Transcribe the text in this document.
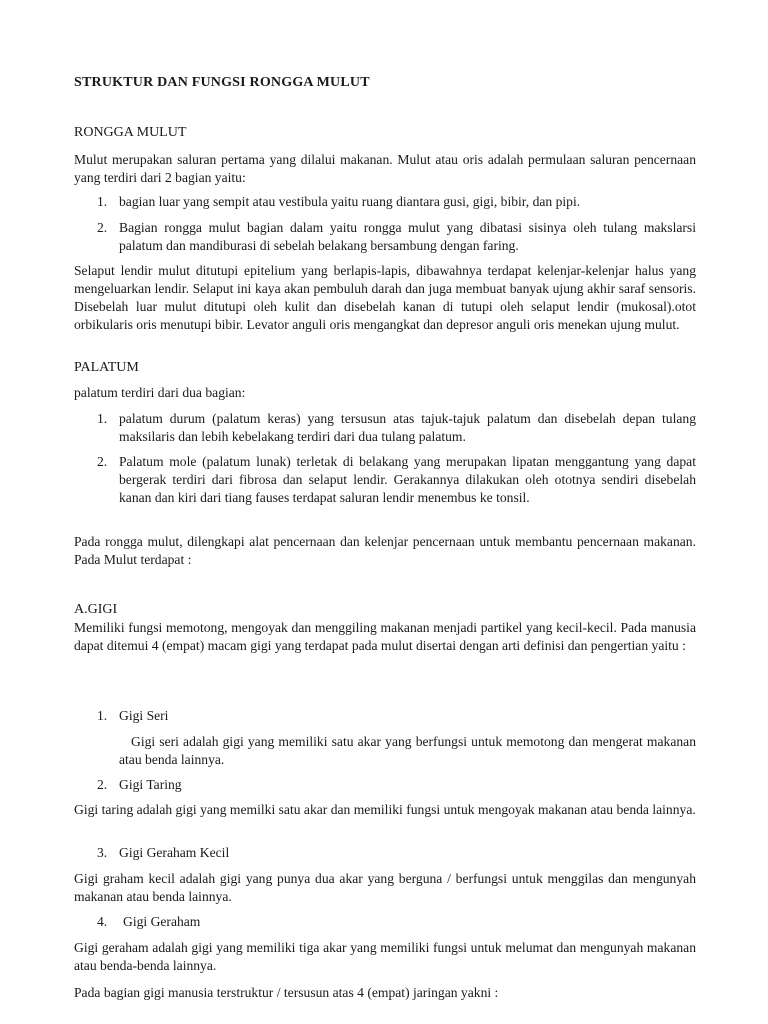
STRUKTUR DAN FUNGSI RONGGA MULUT

RONGGA MULUT

Mulut merupakan saluran pertama yang dilalui makanan. Mulut atau oris adalah permulaan saluran pencernaan yang terdiri dari 2 bagian yaitu:

1. bagian luar yang sempit atau vestibula yaitu ruang diantara gusi, gigi, bibir, dan pipi.
2. Bagian rongga mulut bagian dalam yaitu rongga mulut yang dibatasi sisinya oleh tulang makslarsi palatum dan mandiburasi di sebelah belakang bersambung dengan faring.

Selaput lendir mulut ditutupi epitelium yang berlapis-lapis, dibawahnya terdapat kelenjar-kelenjar halus yang mengeluarkan lendir. Selaput ini kaya akan pembuluh darah dan juga membuat banyak ujung akhir saraf sensoris. Disebelah luar mulut ditutupi oleh kulit dan disebelah kanan di tutupi oleh selaput lendir (mukosal).otot orbikularis oris menutupi bibir. Levator anguli oris mengangkat dan depresor anguli oris menekan ujung mulut.

PALATUM

palatum terdiri dari dua bagian:

1. palatum durum (palatum keras) yang tersusun atas tajuk-tajuk palatum dan disebelah depan tulang maksilaris dan lebih kebelakang terdiri dari dua tulang palatum.
2. Palatum mole (palatum lunak) terletak di belakang yang merupakan lipatan menggantung yang dapat bergerak terdiri dari fibrosa dan selaput lendir. Gerakannya dilakukan oleh ototnya sendiri disebelah kanan dan kiri dari tiang fauses terdapat saluran lendir menembus ke tonsil.

Pada rongga mulut, dilengkapi alat pencernaan dan kelenjar pencernaan untuk membantu pencernaan makanan. Pada Mulut terdapat :

A.GIGI

Memiliki fungsi memotong, mengoyak dan menggiling makanan menjadi partikel yang kecil-kecil. Pada manusia dapat ditemui 4 (empat) macam gigi yang terdapat pada mulut disertai dengan arti definisi dan pengertian yaitu :

1. Gigi Seri

Gigi seri adalah gigi yang memiliki satu akar yang berfungsi untuk memotong dan mengerat makanan atau benda lainnya.

2. Gigi Taring

Gigi taring adalah gigi yang memilki satu akar dan memiliki fungsi untuk mengoyak makanan atau benda lainnya.

3. Gigi Geraham Kecil

Gigi graham kecil adalah gigi yang punya dua akar yang berguna / berfungsi untuk menggilas dan mengunyah makanan atau benda lainnya.

4. Gigi Geraham

Gigi geraham adalah gigi yang memiliki tiga akar yang memiliki fungsi untuk melumat dan mengunyah makanan atau benda-benda lainnya.

Pada bagian gigi manusia terstruktur / tersusun atas 4 (empat) jaringan yakni :
